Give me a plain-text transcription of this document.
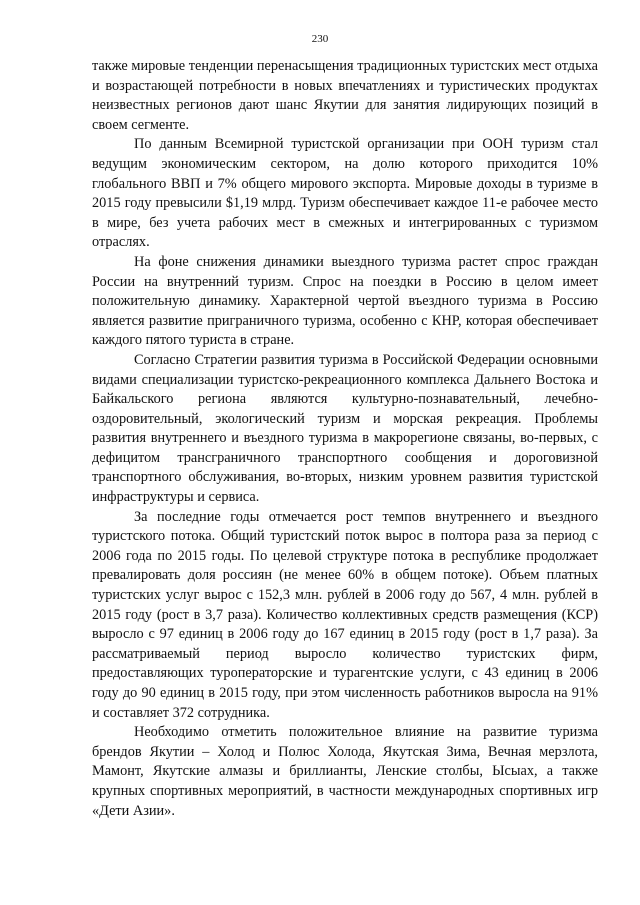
230

также мировые тенденции перенасыщения традиционных туристских мест отдыха и возрастающей потребности в новых впечатлениях и туристических продуктах неизвестных регионов дают шанс Якутии для занятия лидирующих позиций в своем сегменте.

По данным Всемирной туристской организации при ООН туризм стал ведущим экономическим сектором, на долю которого приходится 10% глобального ВВП и 7% общего мирового экспорта. Мировые доходы в туризме в 2015 году превысили $1,19 млрд. Туризм обеспечивает каждое 11-е рабочее место в мире, без учета рабочих мест в смежных и интегрированных с туризмом отраслях.

На фоне снижения динамики выездного туризма растет спрос граждан России на внутренний туризм. Спрос на поездки в Россию в целом имеет положительную динамику. Характерной чертой въездного туризма в Россию является развитие приграничного туризма, особенно с КНР, которая обеспечивает каждого пятого туриста в стране.

Согласно Стратегии развития туризма в Российской Федерации основными видами специализации туристско-рекреационного комплекса Дальнего Востока и Байкальского региона являются культурно-познавательный, лечебно-оздоровительный, экологический туризм и морская рекреация. Проблемы развития внутреннего и въездного туризма в макрорегионе связаны, во-первых, с дефицитом трансграничного транспортного сообщения и дороговизной транспортного обслуживания, во-вторых, низким уровнем развития туристской инфраструктуры и сервиса.

За последние годы отмечается рост темпов внутреннего и въездного туристского потока. Общий туристский поток вырос в полтора раза за период с 2006 года по 2015 годы. По целевой структуре потока в республике продолжает превалировать доля россиян (не менее 60% в общем потоке). Объем платных туристских услуг вырос с 152,3 млн. рублей в 2006 году до 567, 4 млн. рублей в 2015 году (рост в 3,7 раза). Количество коллективных средств размещения (КСР) выросло с 97 единиц в 2006 году до 167 единиц в 2015 году (рост в 1,7 раза). За рассматриваемый период выросло количество туристских фирм, предоставляющих туроператорские и турагентские услуги, с 43 единиц в 2006 году до 90 единиц в 2015 году, при этом численность работников выросла на 91% и составляет 372 сотрудника.

Необходимо отметить положительное влияние на развитие туризма брендов Якутии – Холод и Полюс Холода, Якутская Зима, Вечная мерзлота, Мамонт, Якутские алмазы и бриллианты, Ленские столбы, Ысыах, а также крупных спортивных мероприятий, в частности международных спортивных игр «Дети Азии».
